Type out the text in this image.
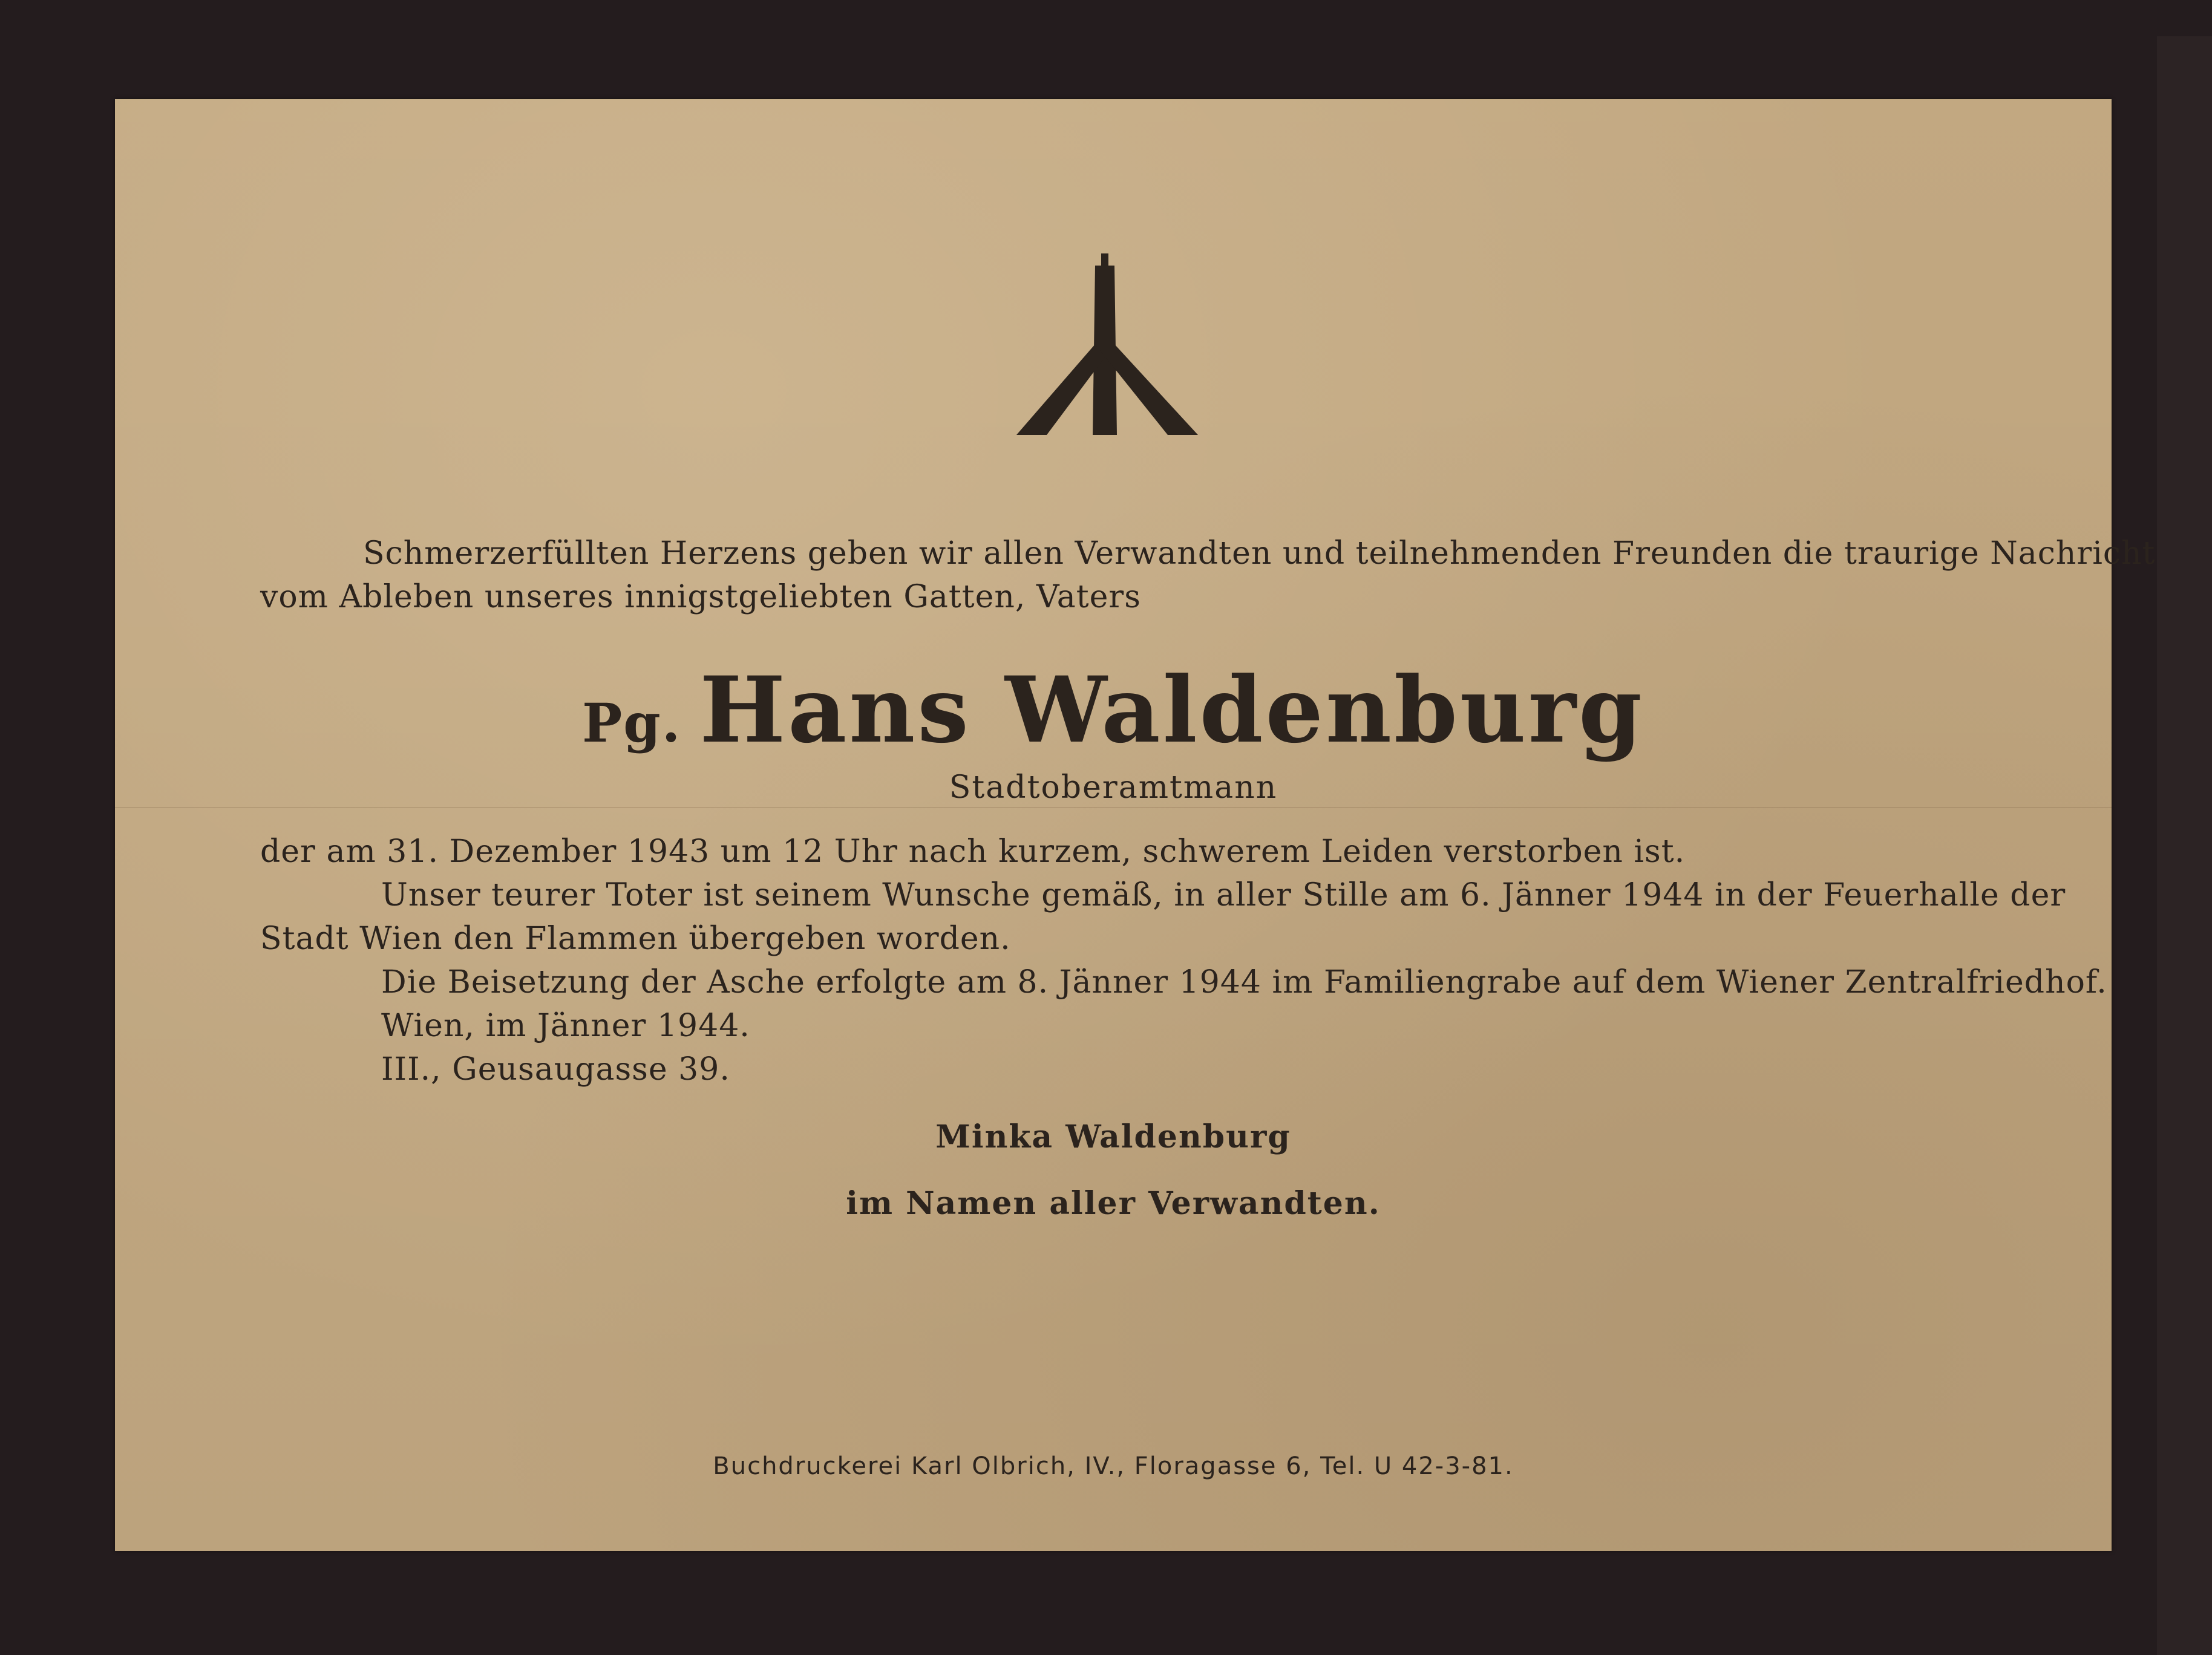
Schmerzerfüllten Herzens geben wir allen Verwandten und teilnehmenden Freunden die traurige Nachricht
vom Ableben unseres innigstgeliebten Gatten, Vaters
Pg. Hans Waldenburg
Stadtoberamtmann
der am 31. Dezember 1943 um 12 Uhr nach kurzem, schwerem Leiden verstorben ist.
Unser teurer Toter ist seinem Wunsche gemäß, in aller Stille am 6. Jänner 1944 in der Feuerhalle der
Stadt Wien den Flammen übergeben worden.
Die Beisetzung der Asche erfolgte am 8. Jänner 1944 im Familiengrabe auf dem Wiener Zentralfriedhof.
Wien, im Jänner 1944.
III., Geusaugasse 39.
Minka Waldenburg
im Namen aller Verwandten.
Buchdruckerei Karl Olbrich, IV., Floragasse 6, Tel. U 42-3-81.
